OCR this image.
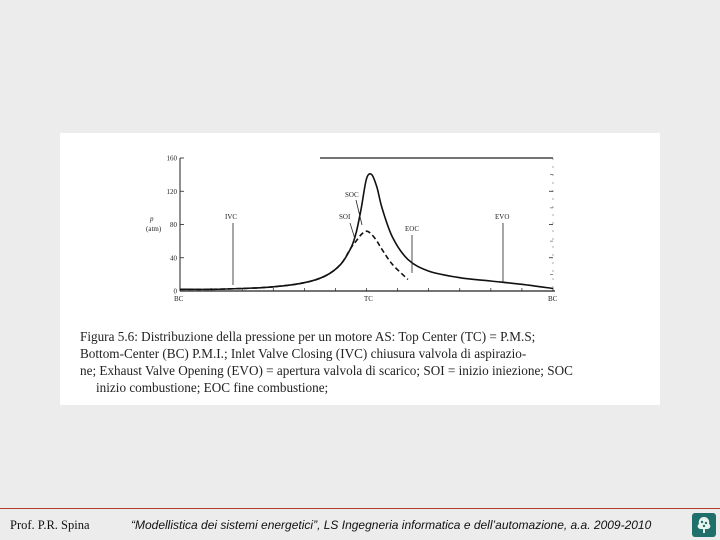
160
120
80
40
0
BC	TC	BC
p
(atm)
IVC
SOC
SOI
EOC
EVO
Figura 5.6: Distribuzione della pressione per un motore AS: Top Center (TC) = P.M.S;
Bottom-Center (BC) P.M.I.; Inlet Valve Closing (IVC) chiusura valvola di aspirazio-
ne; Exhaust Valve Opening (EVO) = apertura valvola di scarico; SOI = inizio iniezione; SOC
inizio combustione; EOC fine combustione;
Prof. P.R. Spina	“Modellistica dei sistemi energetici”, LS Ingegneria informatica e dell’automazione, a.a. 2009-2010
